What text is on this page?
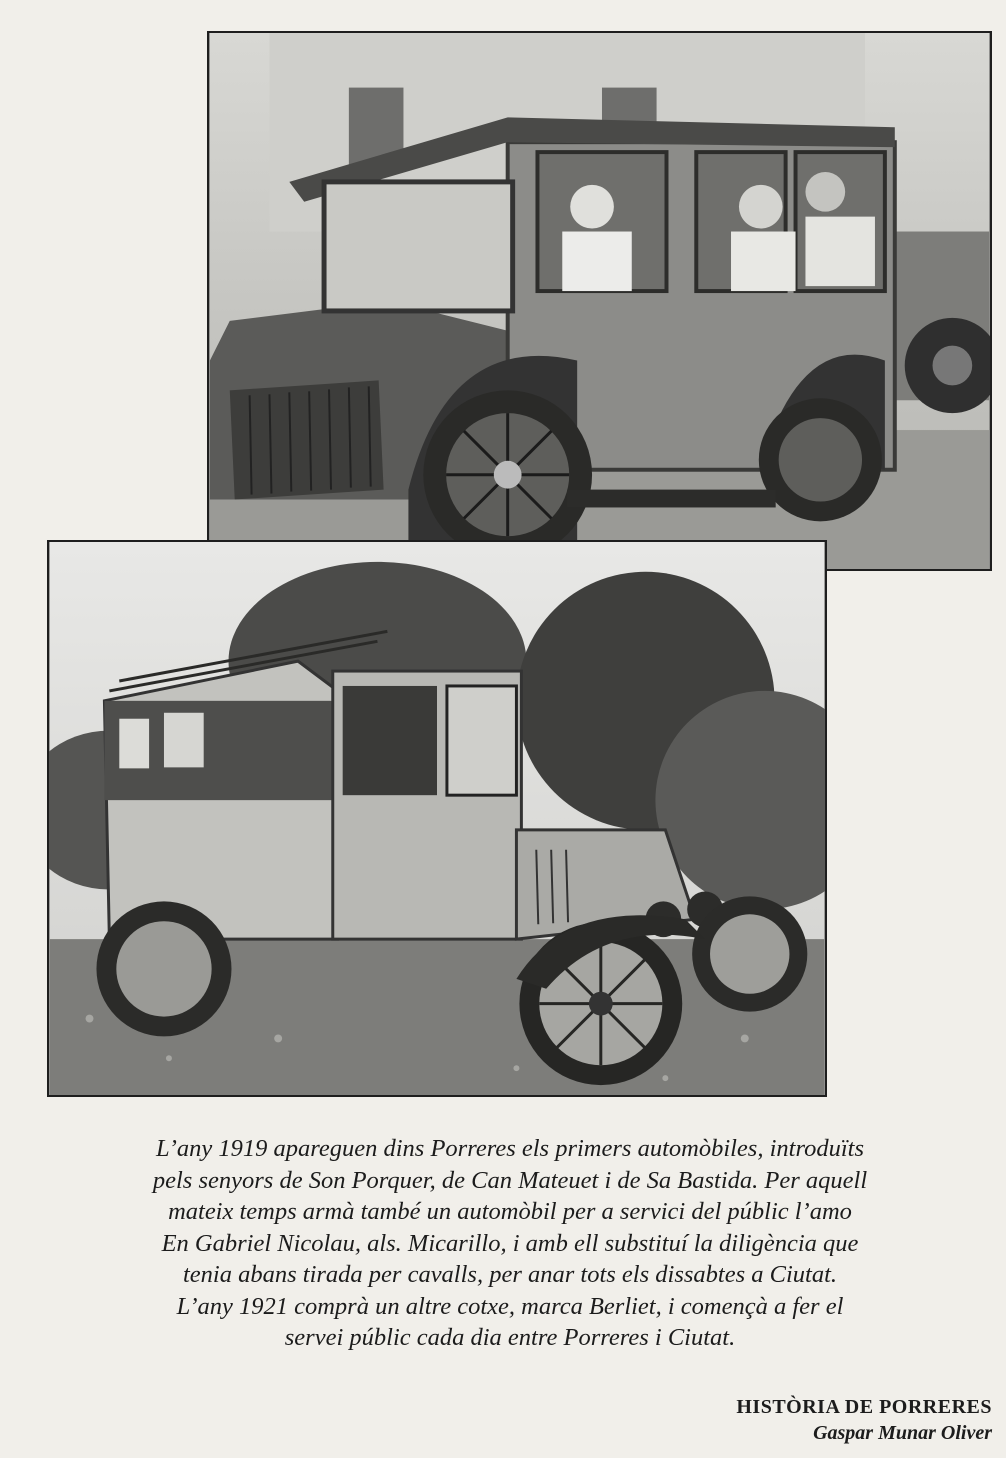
L’any 1919 apareguen dins Porreres els primers automòbiles, introduïts
pels senyors de Son Porquer, de Can Mateuet i de Sa Bastida. Per aquell
mateix temps armà també un automòbil per a servici del públic l’amo
En Gabriel Nicolau, als. Micarillo, i amb ell substituí la diligència que
tenia abans tirada per cavalls, per anar tots els dissabtes a Ciutat.
L’any 1921 comprà un altre cotxe, marca Berliet, i començà a fer el
servei públic cada dia entre Porreres i Ciutat.
HISTÒRIA DE PORRERES
Gaspar Munar Oliver
